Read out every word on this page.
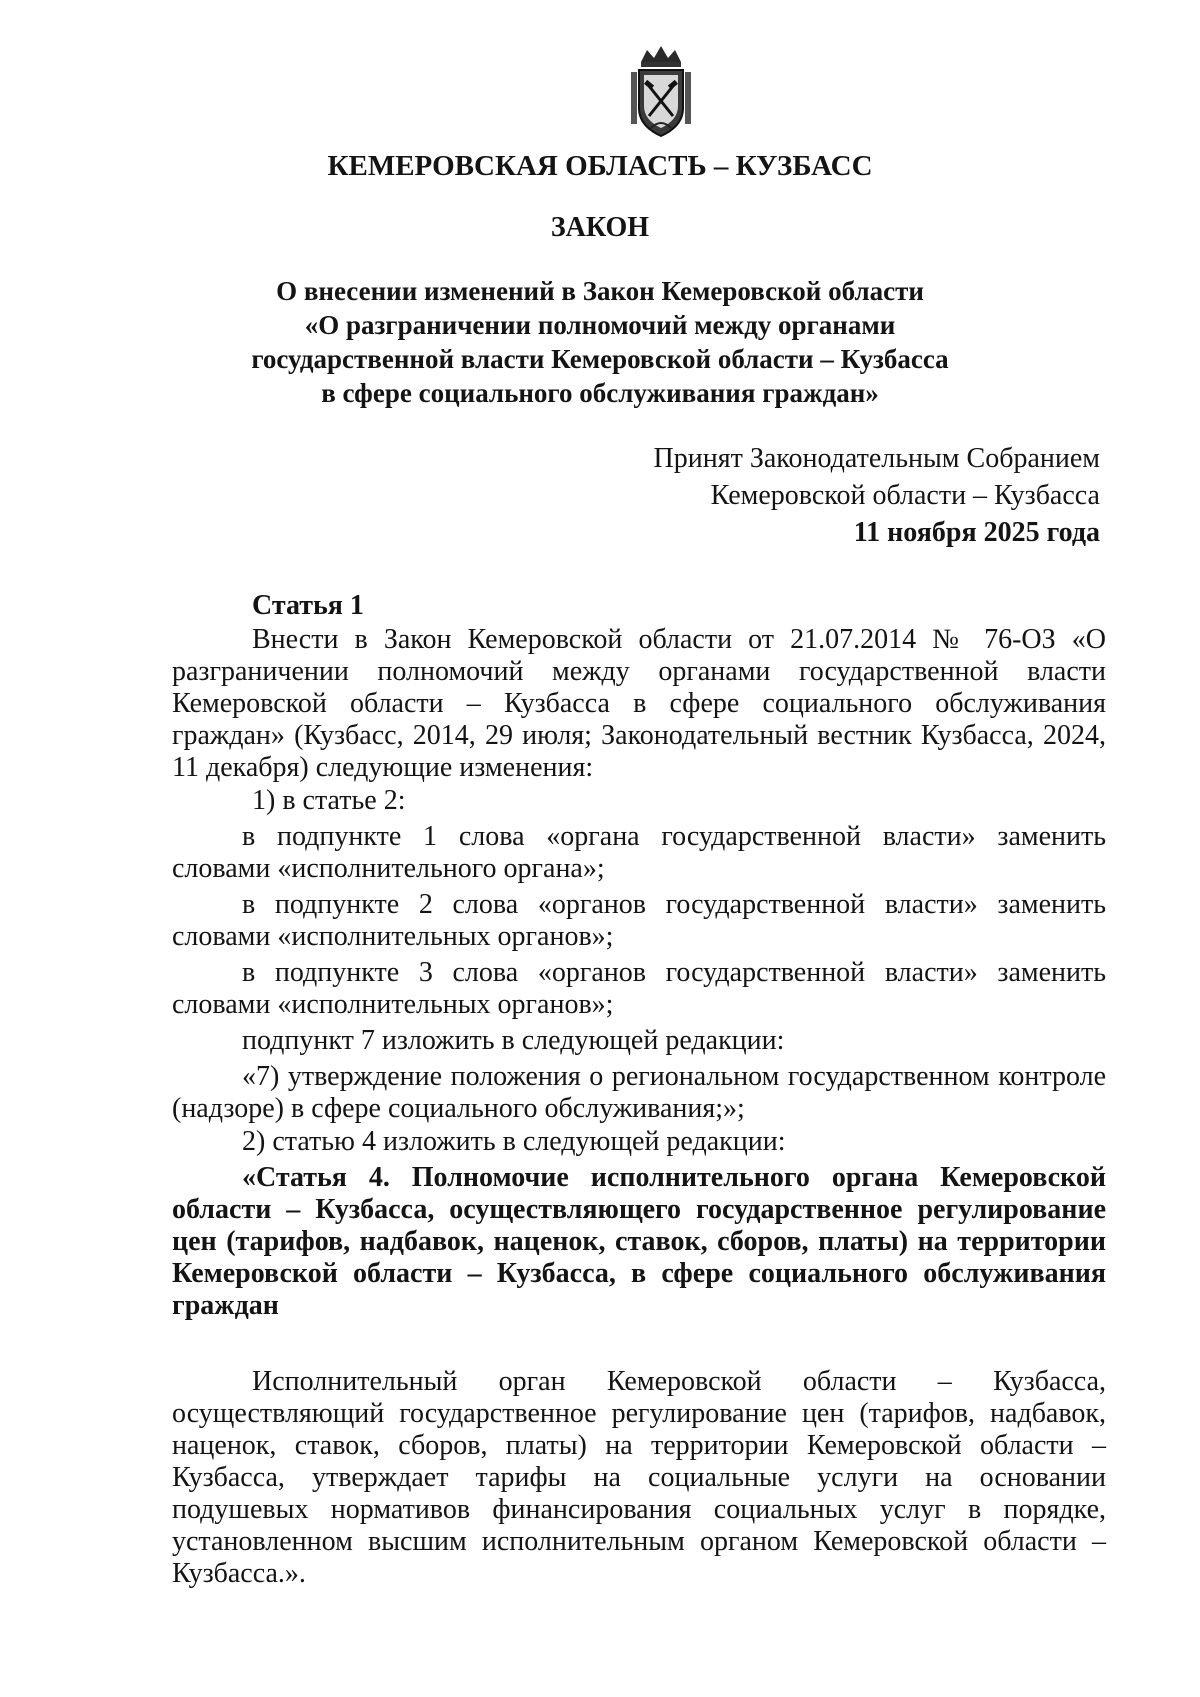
КЕМЕРОВСКАЯ ОБЛАСТЬ – КУЗБАСС
ЗАКОН
О внесении изменений в Закон Кемеровской области
«О разграничении полномочий между органами
государственной власти Кемеровской области – Кузбасса
в сфере социального обслуживания граждан»
Принят Законодательным Собранием
Кемеровской области – Кузбасса
11 ноября 2025 года

Статья 1

Внести в Закон Кемеровской области от 21.07.2014 № 76-ОЗ «О разграничении полномочий между органами государственной власти Кемеровской области – Кузбасса в сфере социального обслуживания граждан» (Кузбасс, 2014, 29 июля; Законодательный вестник Кузбасса, 2024, 11 декабря) следующие изменения:

1) в статье 2:

в подпункте 1 слова «органа государственной власти» заменить словами «исполнительного органа»;

в подпункте 2 слова «органов государственной власти» заменить словами «исполнительных органов»;

в подпункте 3 слова «органов государственной власти» заменить словами «исполнительных органов»;

подпункт 7 изложить в следующей редакции:

«7) утверждение положения о региональном государственном контроле (надзоре) в сфере социального обслуживания;»;

2) статью 4 изложить в следующей редакции:

«Статья 4. Полномочие исполнительного органа Кемеровской области – Кузбасса, осуществляющего государственное регулирование цен (тарифов, надбавок, наценок, ставок, сборов, платы) на территории Кемеровской области – Кузбасса, в сфере социального обслуживания граждан

Исполнительный орган Кемеровской области – Кузбасса, осуществляющий государственное регулирование цен (тарифов, надбавок, наценок, ставок, сборов, платы) на территории Кемеровской области – Кузбасса, утверждает тарифы на социальные услуги на основании подушевых нормативов финансирования социальных услуг в порядке, установленном высшим исполнительным органом Кемеровской области – Кузбасса.».
